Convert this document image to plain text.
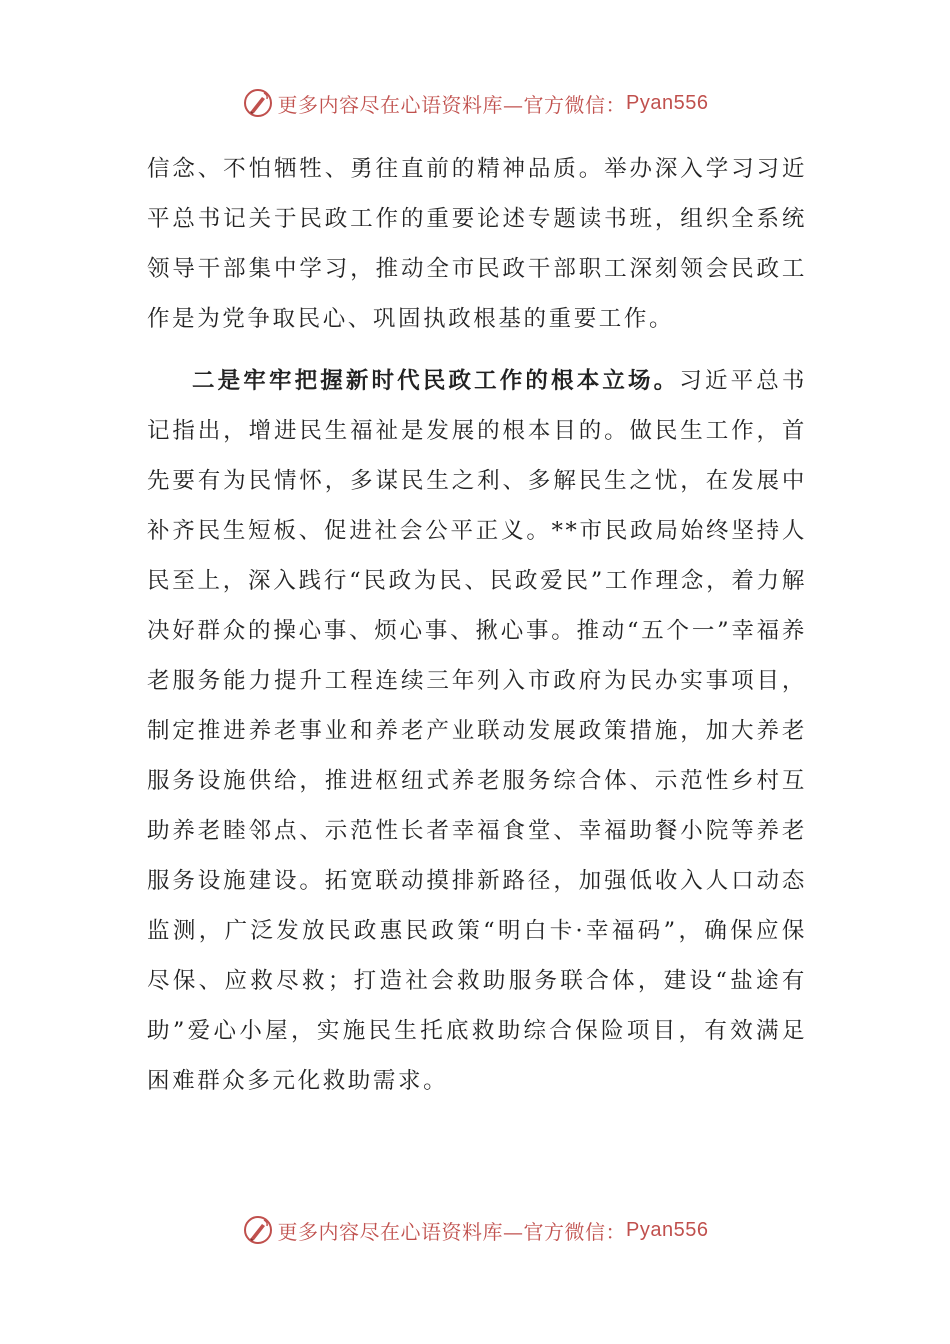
更多内容尽在心语资料库—官方微信： Pyan556

信念、不怕牺牲、勇往直前的精神品质。举办深入学习习近平总书记关于民政工作的重要论述专题读书班，组织全系统领导干部集中学习，推动全市民政干部职工深刻领会民政工作是为党争取民心、巩固执政根基的重要工作。

二是牢牢把握新时代民政工作的根本立场。习近平总书记指出，增进民生福祉是发展的根本目的。做民生工作，首先要有为民情怀，多谋民生之利、多解民生之忧，在发展中补齐民生短板、促进社会公平正义。**市民政局始终坚持人民至上，深入践行“民政为民、民政爱民”工作理念，着力解决好群众的操心事、烦心事、揪心事。推动“五个一”幸福养老服务能力提升工程连续三年列入市政府为民办实事项目，制定推进养老事业和养老产业联动发展政策措施，加大养老服务设施供给，推进枢纽式养老服务综合体、示范性乡村互助养老睦邻点、示范性长者幸福食堂、幸福助餐小院等养老服务设施建设。拓宽联动摸排新路径，加强低收入人口动态监测，广泛发放民政惠民政策“明白卡·幸福码”，确保应保尽保、应救尽救；打造社会救助服务联合体，建设“盐途有助”爱心小屋，实施民生托底救助综合保险项目，有效满足困难群众多元化救助需求。

更多内容尽在心语资料库—官方微信： Pyan556
